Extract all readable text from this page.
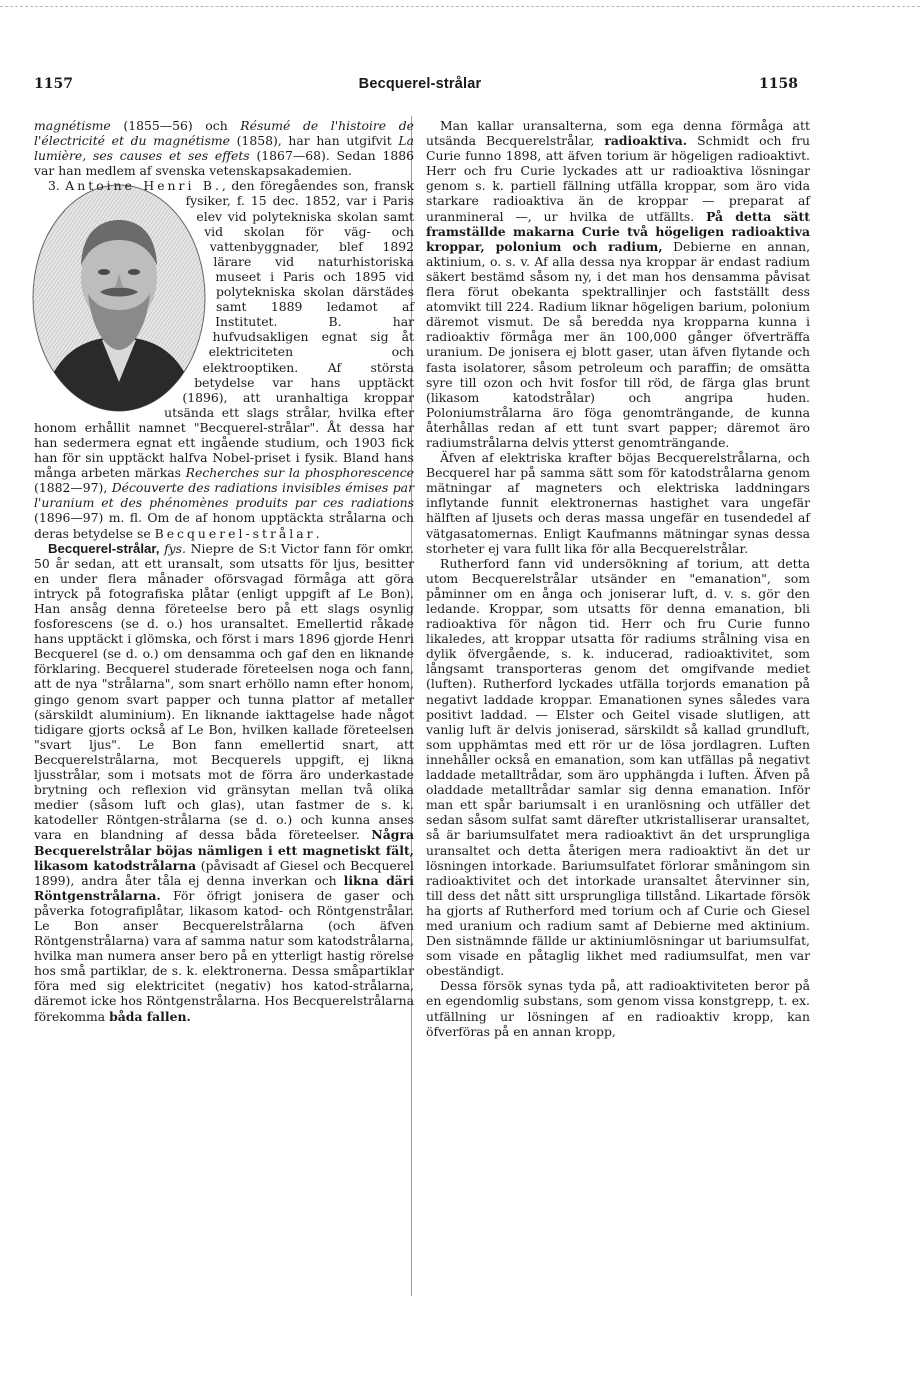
1157	Becquerel-strålar	1158

magnétisme (1855—56) och Résumé de l'histoire de l'électricité et du magnétisme (1858), har han utgifvit La lumière, ses causes et ses effets (1867—68). Sedan 1886 var han medlem af svenska vetenskapsakademien.

3. Antoine Henri B.
, den föregåendes son, fransk fysiker, f. 15 dec. 1852, var i Paris elev vid polytekniska skolan samt vid skolan för väg- och vattenbyggnader, blef 1892 lärare vid naturhistoriska museet i Paris och 1895 vid polytekniska skolan därstädes samt 1889 ledamot af Institutet. B. har hufvudsakligen egnat sig åt elektriciteten och elektrooptiken. Af största betydelse var hans upptäckt (1896), att uranhaltiga kroppar utsända ett slags strålar, hvilka efter honom erhållit namnet "Becquerel-strålar". Åt dessa har han sedermera egnat ett ingående studium, och 1903 fick han för sin upptäckt halfva Nobel-priset i fysik. Bland hans många arbeten märkas Recherches sur la phosphorescence (1882—97), Découverte des radiations invisibles émises par l'uranium et des phénomènes produits par ces radiations (1896—97) m. fl. Om de af honom upptäckta strålarna och deras betydelse se Becquerel-strålar.

Becquerel-strålar, fys. Niepre de S:t Victor fann för omkr. 50 år sedan, att ett uransalt, som utsatts för ljus, besitter en under flera månader oförsvagad förmåga att göra intryck på fotografiska plåtar (enligt uppgift af Le Bon). Han ansåg denna företeelse bero på ett slags osynlig fosforescens (se d. o.) hos uransaltet. Emellertid råkade hans upptäckt i glömska, och först i mars 1896 gjorde Henri Becquerel (se d. o.) om densamma och gaf den en liknande förklaring. Becquerel studerade företeelsen noga och fann, att de nya "strålarna", som snart erhöllo namn efter honom, gingo genom svart papper och tunna plattor af metaller (särskildt aluminium). En liknande iakttagelse hade något tidigare gjorts också af Le Bon, hvilken kallade företeelsen "svart ljus". Le Bon fann emellertid snart, att Becquerelstrålarna, mot Becquerels uppgift, ej likna ljusstrålar, som i motsats mot de förra äro underkastade brytning och reflexion vid gränsytan mellan två olika medier (såsom luft och glas), utan fastmer de s. k. katodeller Röntgen-strålarna (se d. o.) och kunna anses vara en blandning af dessa båda företeelser. Några Becquerelstrålar böjas nämligen i ett magnetiskt fält, likasom katodstrålarna (påvisadt af Giesel och Becquerel 1899), andra åter tåla ej denna inverkan och likna däri Röntgenstrålarna. För öfrigt jonisera de gaser och påverka fotografiplåtar, likasom katod- och Röntgenstrålar. Le Bon anser Becquerelstrålarna (och äfven Röntgenstrålarna) vara af samma natur som katodstrålarna, hvilka man numera anser bero på en ytterligt hastig rörelse hos små partiklar, de s. k. elektronerna. Dessa småpartiklar föra med sig elektricitet (negativ) hos katod-strålarna, däremot icke hos Röntgenstrålarna. Hos Becquerelstrålarna förekomma båda fallen.

Man kallar uransalterna, som ega denna förmåga att utsända Becquerelstrålar, radioaktiva. Schmidt och fru Curie funno 1898, att äfven torium är högeligen radioaktivt. Herr och fru Curie lyckades att ur radioaktiva lösningar genom s. k. partiell fällning utfälla kroppar, som äro vida starkare radioaktiva än de kroppar — preparat af uranmineral —, ur hvilka de utfällts. På detta sätt framställde makarna Curie två högeligen radioaktiva kroppar, polonium och radium, Debierne en annan, aktinium, o. s. v. Af alla dessa nya kroppar är endast radium säkert bestämd såsom ny, i det man hos densamma påvisat flera förut obekanta spektrallinjer och fastställt dess atomvikt till 224. Radium liknar högeligen barium, polonium däremot vismut. De så beredda nya kropparna kunna i radioaktiv förmåga mer än 100,000 gånger öfverträffa uranium. De jonisera ej blott gaser, utan äfven flytande och fasta isolatorer, såsom petroleum och paraffin; de omsätta syre till ozon och hvit fosfor till röd, de färga glas brunt (likasom katodstrålar) och angripa huden. Poloniumstrålarna äro föga genomträngande, de kunna återhållas redan af ett tunt svart papper; däremot äro radiumstrålarna delvis ytterst genomträngande.

Äfven af elektriska krafter böjas Becquerelstrålarna, och Becquerel har på samma sätt som för katodstrålarna genom mätningar af magneters och elektriska laddningars inflytande funnit elektronernas hastighet vara ungefär hälften af ljusets och deras massa ungefär en tusendedel af vätgasatomernas. Enligt Kaufmanns mätningar synas dessa storheter ej vara fullt lika för alla Becquerelstrålar.

Rutherford fann vid undersökning af torium, att detta utom Becquerelstrålar utsänder en "emanation", som påminner om en ånga och joniserar luft, d. v. s. gör den ledande. Kroppar, som utsatts för denna emanation, bli radioaktiva för någon tid. Herr och fru Curie funno likaledes, att kroppar utsatta för radiums strålning visa en dylik öfvergående, s. k. inducerad, radioaktivitet, som långsamt transporteras genom det omgifvande mediet (luften). Rutherford lyckades utfälla torjords emanation på negativt laddade kroppar. Emanationen synes således vara positivt laddad. — Elster och Geitel visade slutligen, att vanlig luft är delvis joniserad, särskildt så kallad grundluft, som upphämtas med ett rör ur de lösa jordlagren. Luften innehåller också en emanation, som kan utfällas på negativt laddade metalltrådar, som äro upphängda i luften. Äfven på oladdade metalltrådar samlar sig denna emanation. Inför man ett spår bariumsalt i en uranlösning och utfäller det sedan såsom sulfat samt därefter utkristalliserar uransaltet, så är bariumsulfatet mera radioaktivt än det ursprungliga uransaltet och detta återigen mera radioaktivt än det ur lösningen intorkade. Bariumsulfatet förlorar småningom sin radioaktivitet och det intorkade uransaltet återvinner sin, till dess det nått sitt ursprungliga tillstånd. Likartade försök ha gjorts af Rutherford med torium och af Curie och Giesel med uranium och radium samt af Debierne med aktinium. Den sistnämnde fällde ur aktiniumlösningar ut bariumsulfat, som visade en påtaglig likhet med radiumsulfat, men var obeständigt.

Dessa försök synas tyda på, att radioaktiviteten beror på en egendomlig substans, som genom vissa konstgrepp, t. ex. utfällning ur lösningen af en radioaktiv kropp, kan öfverföras på en annan kropp,
